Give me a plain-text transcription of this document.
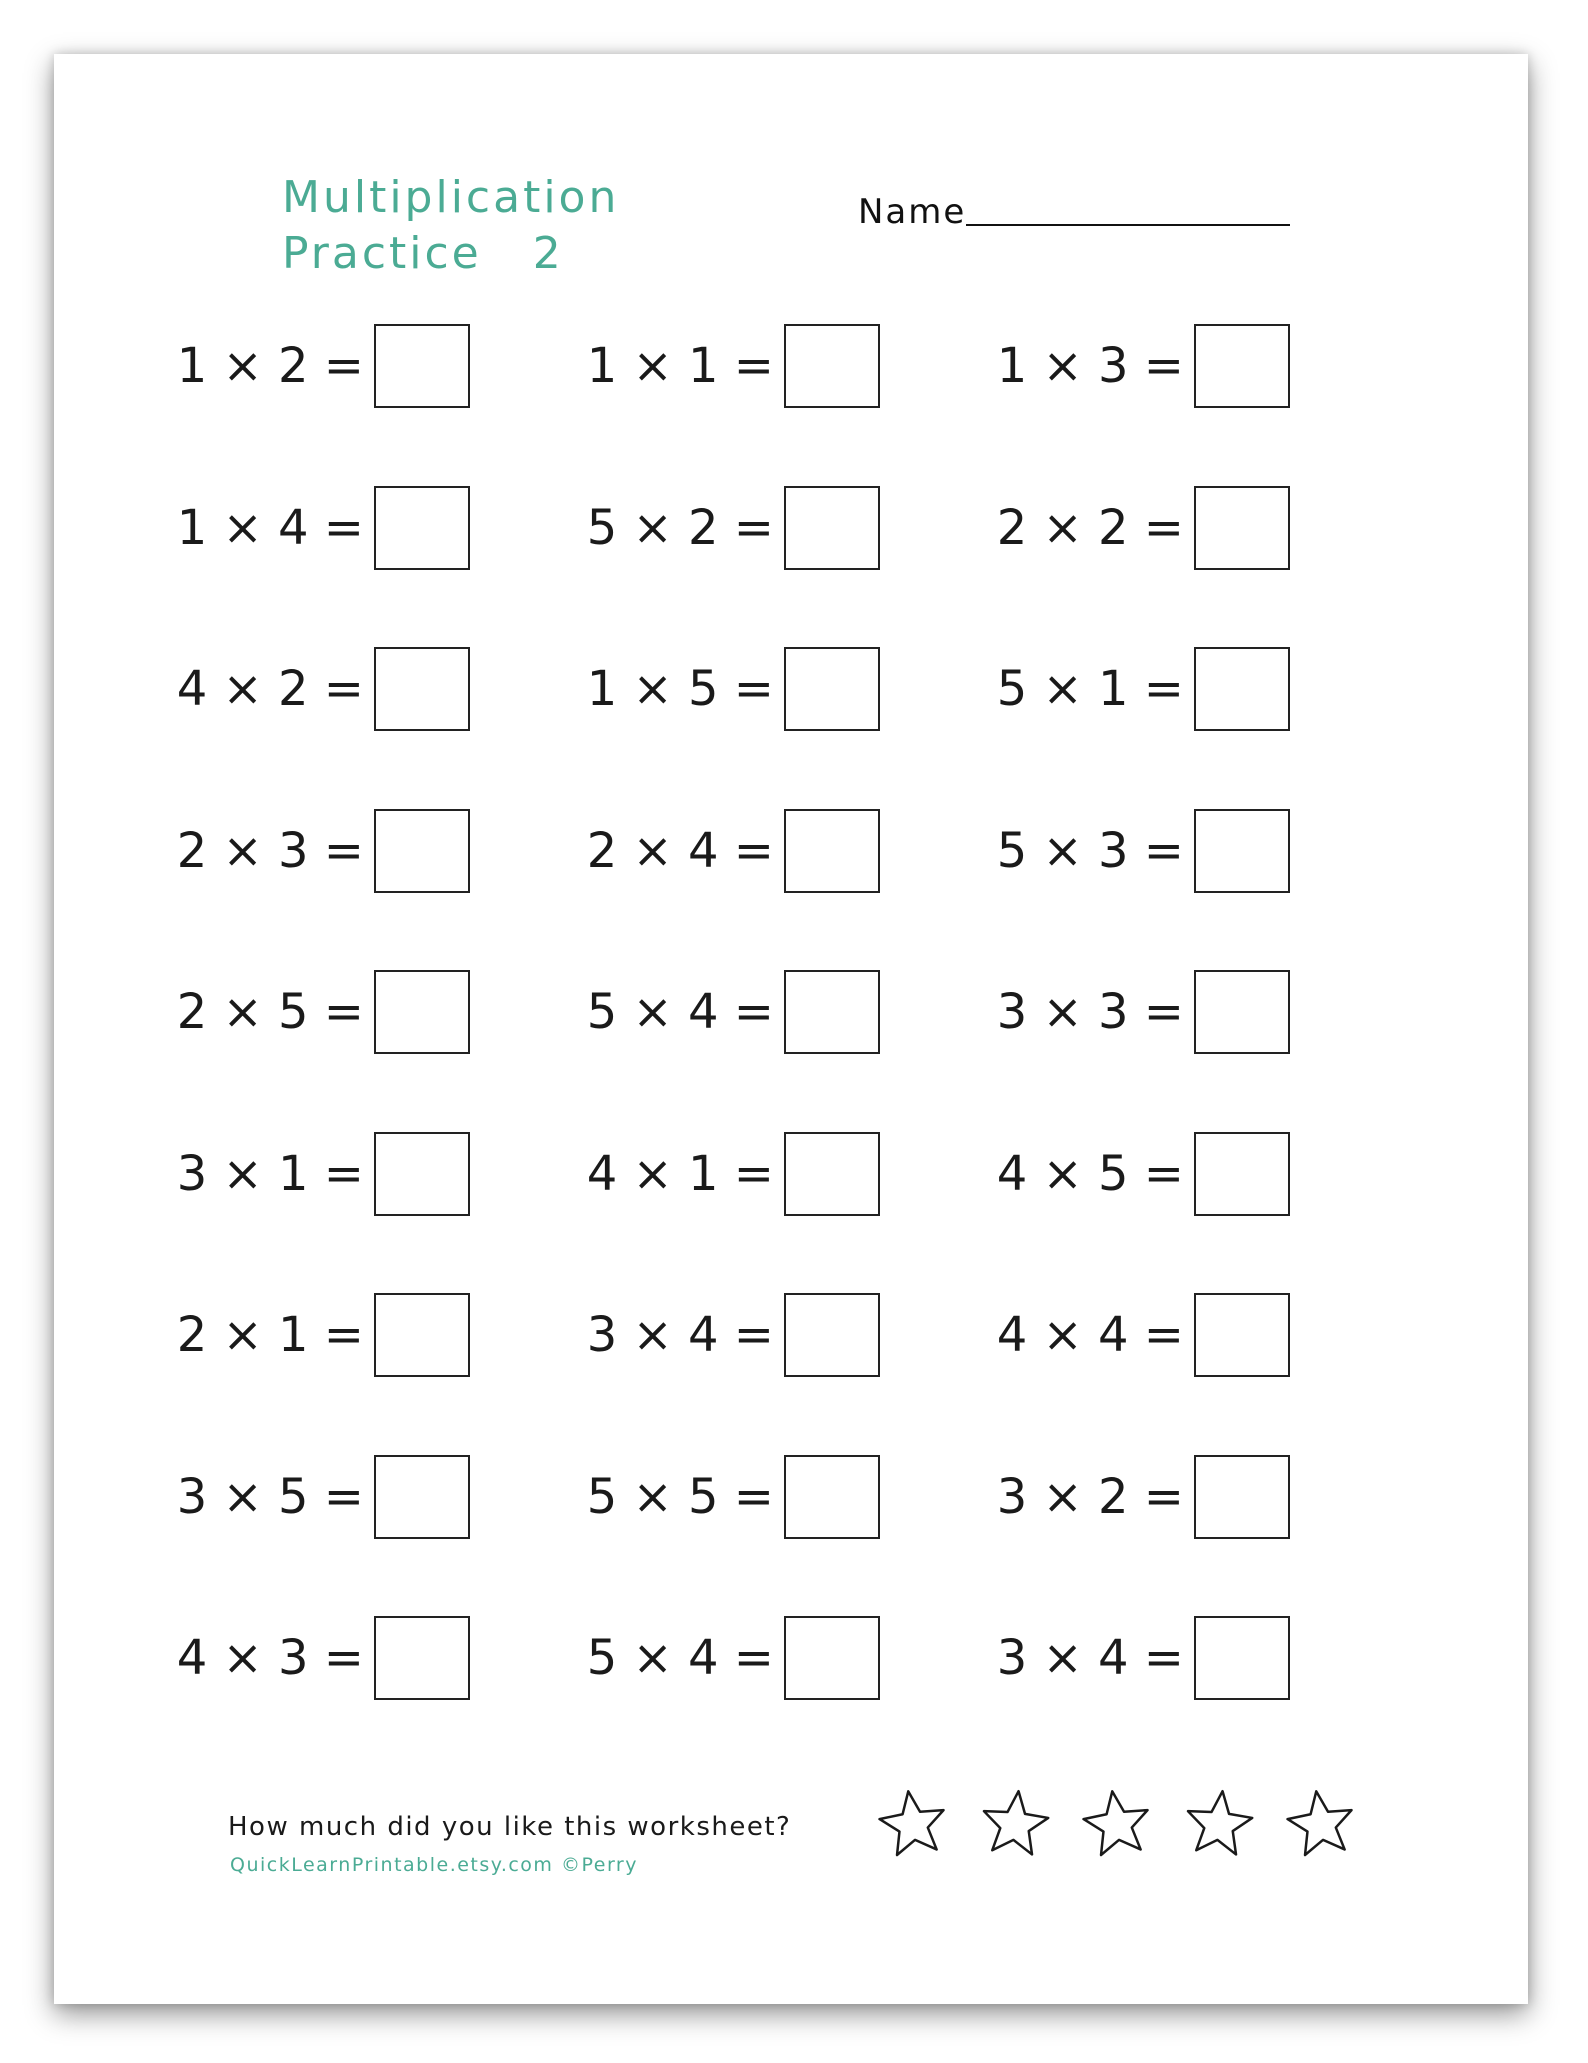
Multiplication
Practice   2
Name
1 × 2 =	1 × 1 =	1 × 3 =
1 × 4 =	5 × 2 =	2 × 2 =
4 × 2 =	1 × 5 =	5 × 1 =
2 × 3 =	2 × 4 =	5 × 3 =
2 × 5 =	5 × 4 =	3 × 3 =
3 × 1 =	4 × 1 =	4 × 5 =
2 × 1 =	3 × 4 =	4 × 4 =
3 × 5 =	5 × 5 =	3 × 2 =
4 × 3 =	5 × 4 =	3 × 4 =
How much did you like this worksheet?
QuickLearnPrintable.etsy.com ©Perry
